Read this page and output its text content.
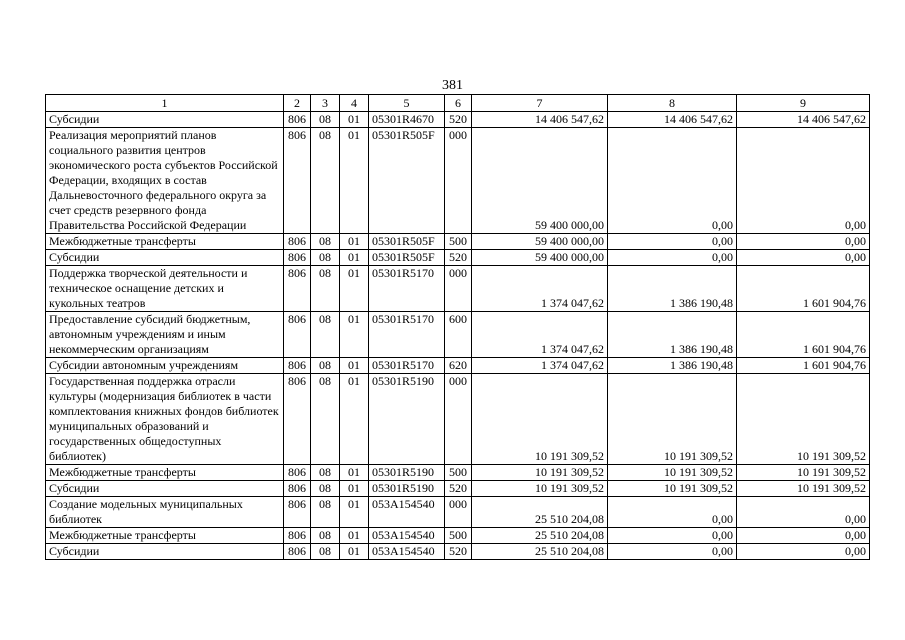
381
1	2	3	4	5	6	7	8	9
Субсидии	806	08	01	05301R4670	520	14 406 547,62	14 406 547,62	14 406 547,62
Реализация мероприятий планов социального развития центров экономического роста субъектов Российской Федерации, входящих в состав Дальневосточного федерального округа за счет средств резервного фонда Правительства Российской Федерации	806	08	01	05301R505F	000	59 400 000,00	0,00	0,00
Межбюджетные трансферты	806	08	01	05301R505F	500	59 400 000,00	0,00	0,00
Субсидии	806	08	01	05301R505F	520	59 400 000,00	0,00	0,00
Поддержка творческой деятельности и техническое оснащение детских и кукольных театров	806	08	01	05301R5170	000	1 374 047,62	1 386 190,48	1 601 904,76
Предоставление субсидий бюджетным, автономным учреждениям и иным некоммерческим организациям	806	08	01	05301R5170	600	1 374 047,62	1 386 190,48	1 601 904,76
Субсидии автономным учреждениям	806	08	01	05301R5170	620	1 374 047,62	1 386 190,48	1 601 904,76
Государственная поддержка отрасли культуры (модернизация библиотек в части комплектования книжных фондов библиотек муниципальных образований и государственных общедоступных библиотек)	806	08	01	05301R5190	000	10 191 309,52	10 191 309,52	10 191 309,52
Межбюджетные трансферты	806	08	01	05301R5190	500	10 191 309,52	10 191 309,52	10 191 309,52
Субсидии	806	08	01	05301R5190	520	10 191 309,52	10 191 309,52	10 191 309,52
Создание модельных муниципальных библиотек	806	08	01	053A154540	000	25 510 204,08	0,00	0,00
Межбюджетные трансферты	806	08	01	053A154540	500	25 510 204,08	0,00	0,00
Субсидии	806	08	01	053A154540	520	25 510 204,08	0,00	0,00
